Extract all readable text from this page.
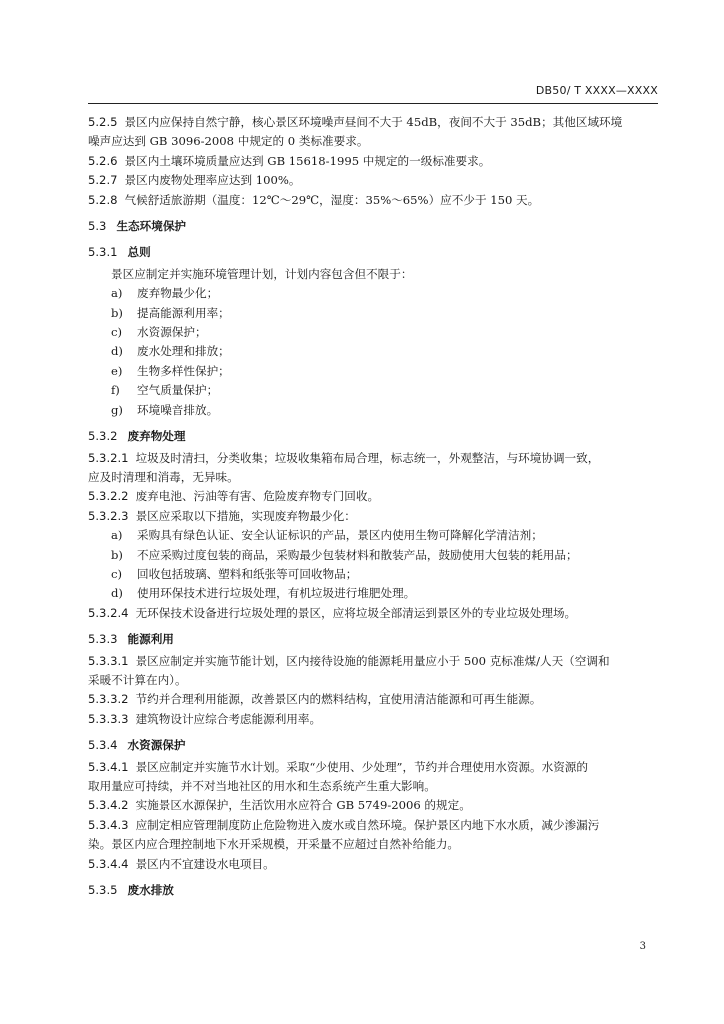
DB50/ T XXXX—XXXX
5.2.5 景区内应保持自然宁静，核心景区环境噪声昼间不大于 45dB，夜间不大于 35dB；其他区域环境
噪声应达到 GB 3096-2008 中规定的 0 类标准要求。
5.2.6 景区内土壤环境质量应达到 GB 15618-1995 中规定的一级标准要求。
5.2.7 景区内废物处理率应达到 100%。
5.2.8 气候舒适旅游期（温度：12℃～29℃，湿度：35%～65%）应不少于 150 天。
5.3 生态环境保护
5.3.1 总则
景区应制定并实施环境管理计划，计划内容包含但不限于：
a) 废弃物最少化；
b) 提高能源利用率；
c) 水资源保护；
d) 废水处理和排放；
e) 生物多样性保护；
f) 空气质量保护；
g) 环境噪音排放。
5.3.2 废弃物处理
5.3.2.1 垃圾及时清扫，分类收集；垃圾收集箱布局合理，标志统一，外观整洁，与环境协调一致，
应及时清理和消毒，无异味。
5.3.2.2 废弃电池、污油等有害、危险废弃物专门回收。
5.3.2.3 景区应采取以下措施，实现废弃物最少化：
a) 采购具有绿色认证、安全认证标识的产品，景区内使用生物可降解化学清洁剂；
b) 不应采购过度包装的商品，采购最少包装材料和散装产品，鼓励使用大包装的耗用品；
c) 回收包括玻璃、塑料和纸张等可回收物品；
d) 使用环保技术进行垃圾处理，有机垃圾进行堆肥处理。
5.3.2.4 无环保技术设备进行垃圾处理的景区，应将垃圾全部清运到景区外的专业垃圾处理场。
5.3.3 能源利用
5.3.3.1 景区应制定并实施节能计划，区内接待设施的能源耗用量应小于 500 克标准煤/人天（空调和
采暖不计算在内）。
5.3.3.2 节约并合理利用能源，改善景区内的燃料结构，宜使用清洁能源和可再生能源。
5.3.3.3 建筑物设计应综合考虑能源利用率。
5.3.4 水资源保护
5.3.4.1 景区应制定并实施节水计划。采取“少使用、少处理”，节约并合理使用水资源。水资源的
取用量应可持续，并不对当地社区的用水和生态系统产生重大影响。
5.3.4.2 实施景区水源保护，生活饮用水应符合 GB 5749-2006 的规定。
5.3.4.3 应制定相应管理制度防止危险物进入废水或自然环境。保护景区内地下水水质，减少渗漏污
染。景区内应合理控制地下水开采规模，开采量不应超过自然补给能力。
5.3.4.4 景区内不宜建设水电项目。
5.3.5 废水排放
3
